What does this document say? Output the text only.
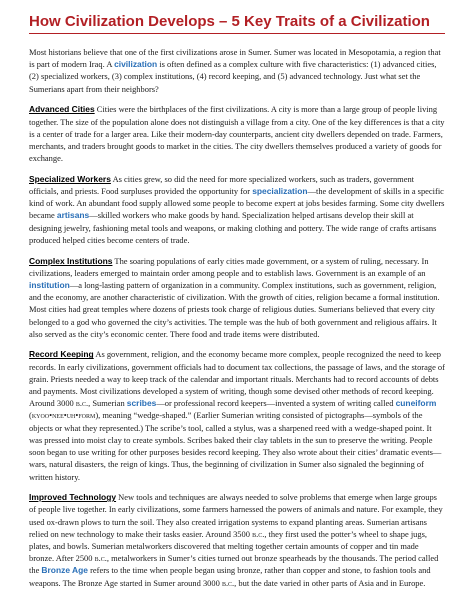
How Civilization Develops – 5 Key Traits of a Civilization

Most historians believe that one of the first civilizations arose in Sumer. Sumer was located in Mesopotamia, a region that is part of modern Iraq. A civilization is often defined as a complex culture with five characteristics: (1) advanced cities, (2) specialized workers, (3) complex institutions, (4) record keeping, and (5) advanced technology. Just what set the Sumerians apart from their neighbors?

Advanced Cities Cities were the birthplaces of the first civilizations. A city is more than a large group of people living together. The size of the population alone does not distinguish a village from a city. One of the key differences is that a city is a center of trade for a larger area. Like their modern-day counterparts, ancient city dwellers depended on trade. Farmers, merchants, and traders brought goods to market in the cities. The city dwellers themselves produced a variety of goods for exchange.

Specialized Workers As cities grew, so did the need for more specialized workers, such as traders, government officials, and priests. Food surpluses provided the opportunity for specialization—the development of skills in a specific kind of work. An abundant food supply allowed some people to become expert at jobs besides farming. Some city dwellers became artisans—skilled workers who make goods by hand. Specialization helped artisans develop their skill at designing jewelry, fashioning metal tools and weapons, or making clothing and pottery. The wide range of crafts artisans produced helped cities become centers of trade.

Complex Institutions The soaring populations of early cities made government, or a system of ruling, necessary. In civilizations, leaders emerged to maintain order among people and to establish laws. Government is an example of an institution—a long-lasting pattern of organization in a community. Complex institutions, such as government, religion, and the economy, are another characteristic of civilization. With the growth of cities, religion became a formal institution. Most cities had great temples where dozens of priests took charge of religious duties. Sumerians believed that every city belonged to a god who governed the city’s activities. The temple was the hub of both government and religious affairs. It also served as the city’s economic center. There food and trade items were distributed.

Record Keeping As government, religion, and the economy became more complex, people recognized the need to keep records. In early civilizations, government officials had to document tax collections, the passage of laws, and the storage of grain. Priests needed a way to keep track of the calendar and important rituals. Merchants had to record accounts of debts and payments. Most civilizations developed a system of writing, though some devised other methods of record keeping. Around 3000 b.c., Sumerian scribes—or professional record keepers—invented a system of writing called cuneiform (kyoo•nee•uh•form), meaning “wedge-shaped.” (Earlier Sumerian writing consisted of pictographs—symbols of the objects or what they represented.) The scribe’s tool, called a stylus, was a sharpened reed with a wedge-shaped point. It was pressed into moist clay to create symbols. Scribes baked their clay tablets in the sun to preserve the writing. People soon began to use writing for other purposes besides record keeping. They also wrote about their cities’ dramatic events—wars, natural disasters, the reign of kings. Thus, the beginning of civilization in Sumer also signaled the beginning of written history.

Improved Technology New tools and techniques are always needed to solve problems that emerge when large groups of people live together. In early civilizations, some farmers harnessed the powers of animals and nature. For example, they used ox-drawn plows to turn the soil. They also created irrigation systems to expand planting areas. Sumerian artisans relied on new technology to make their tasks easier. Around 3500 b.c., they first used the potter’s wheel to shape jugs, plates, and bowls. Sumerian metalworkers discovered that melting together certain amounts of copper and tin made bronze. After 2500 b.c., metalworkers in Sumer’s cities turned out bronze spearheads by the thousands. The period called the Bronze Age refers to the time when people began using bronze, rather than copper and stone, to fashion tools and weapons. The Bronze Age started in Sumer around 3000 b.c., but the date varied in other parts of Asia and in Europe.
